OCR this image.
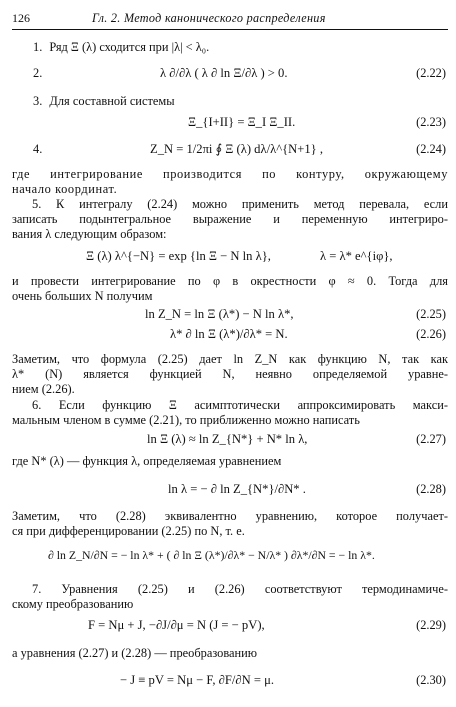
126	Гл. 2. Метод канонического распределения
1. Ряд Ξ (λ) сходится при |λ| < λ₀.
2.	λ ∂/∂λ ( λ ∂ ln Ξ/∂λ ) > 0.	(2.22)
3. Для составной системы
Ξ_{I+II} = Ξ_I Ξ_II.	(2.23)
4.	Z_N = 1/2πi ∮ Ξ (λ) dλ/λ^{N+1} ,	(2.24)
где интегрирование производится по контуру, окружающему
начало координат.
5. К интегралу (2.24) можно применить метод перевала, если
записать подынтегральное выражение и переменную интегриро-
вания λ следующим образом:
Ξ (λ) λ^{−N} = exp {ln Ξ − N ln λ},	λ = λ* e^{iφ},
и провести интегрирование по φ в окрестности φ ≈ 0. Тогда для
очень больших N получим
ln Z_N = ln Ξ (λ*) − N ln λ*,	(2.25)
λ* ∂ ln Ξ (λ*)/∂λ* = N.	(2.26)
Заметим, что формула (2.25) дает ln Z_N как функцию N, так как
λ* (N) является функцией N, неявно определяемой уравне-
нием (2.26).
6. Если функцию Ξ асимптотически аппроксимировать макси-
мальным членом в сумме (2.21), то приближенно можно написать
ln Ξ (λ) ≈ ln Z_{N*} + N* ln λ,	(2.27)
где N* (λ) — функция λ, определяемая уравнением
ln λ = − ∂ ln Z_{N*}/∂N* .	(2.28)
Заметим, что (2.28) эквивалентно уравнению, которое получает-
ся при дифференцировании (2.25) по N, т. е.
∂ ln Z_N/∂N = − ln λ* + ( ∂ ln Ξ (λ*)/∂λ* − N/λ* ) ∂λ*/∂N = − ln λ*.
7. Уравнения (2.25) и (2.26) соответствуют термодинамиче-
скому преобразованию
F = Nμ + J, −∂J/∂μ = N (J = − pV),	(2.29)
а уравнения (2.27) и (2.28) — преобразованию
− J ≡ pV = Nμ − F, ∂F/∂N = μ.	(2.30)
